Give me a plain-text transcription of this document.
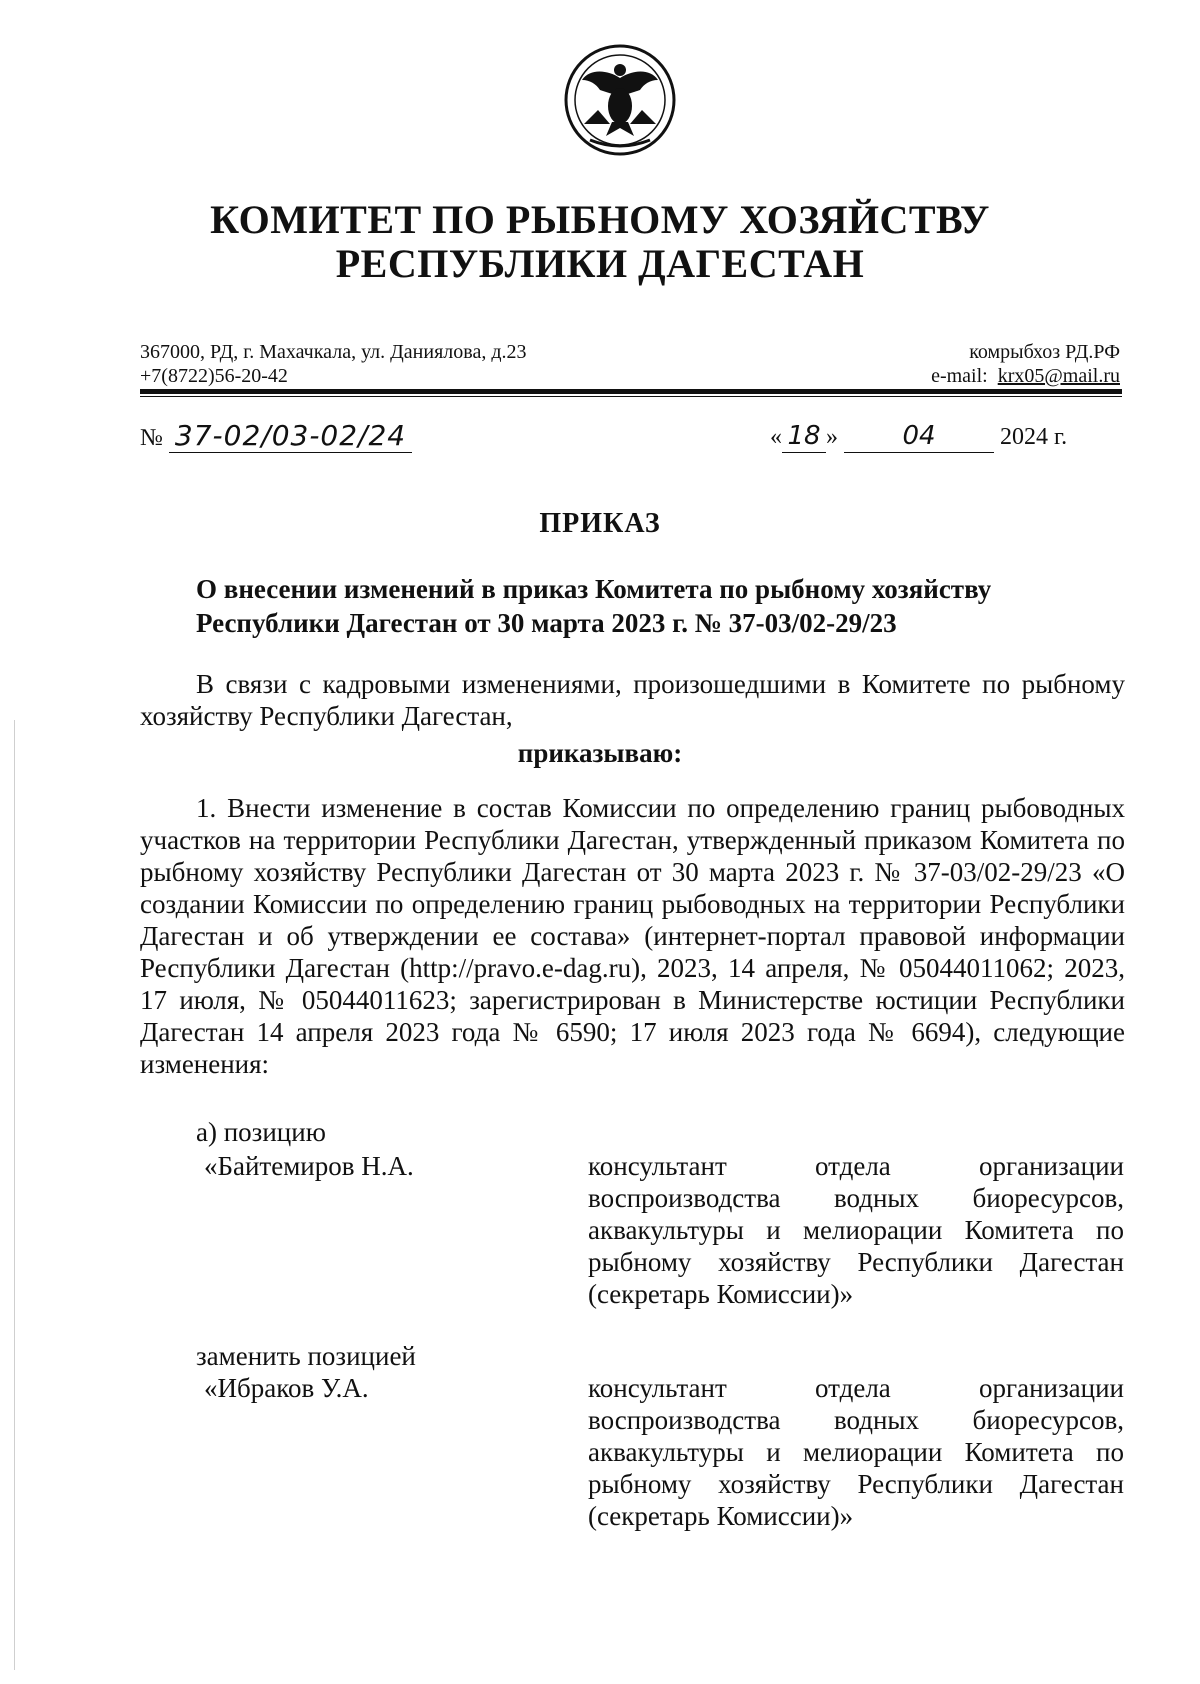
КОМИТЕТ ПО РЫБНОМУ ХОЗЯЙСТВУ
РЕСПУБЛИКИ ДАГЕСТАН
367000, РД, г. Махачкала, ул. Даниялова, д.23
+7(8722)56-20-42
комрыбхоз РД.РФ
e-mail: krx05@mail.ru
№ 37-02/03-02/24	« 18 » 04	2024 г.
ПРИКАЗ
О внесении изменений в приказ Комитета по рыбному хозяйству
Республики Дагестан от 30 марта 2023 г. № 37-03/02-29/23
В связи с кадровыми изменениями, произошедшими в Комитете по рыбному хозяйству Республики Дагестан,
приказываю:
1. Внести изменение в состав Комиссии по определению границ рыбоводных участков на территории Республики Дагестан, утвержденный приказом Комитета по рыбному хозяйству Республики Дагестан от 30 марта 2023 г. № 37-03/02-29/23 «О создании Комиссии по определению границ рыбоводных на территории Республики Дагестан и об утверждении ее состава» (интернет-портал правовой информации Республики Дагестан (http://pravo.e-dag.ru), 2023, 14 апреля, № 05044011062; 2023, 17 июля, № 05044011623; зарегистрирован в Министерстве юстиции Республики Дагестан 14 апреля 2023 года № 6590; 17 июля 2023 года № 6694), следующие изменения:
а) позицию
«Байтемиров Н.А.	консультант отдела организации воспроизводства водных биоресурсов, аквакультуры и мелиорации Комитета по рыбному хозяйству Республики Дагестан (секретарь Комиссии)»
заменить позицией
«Ибраков У.А.	консультант отдела организации воспроизводства водных биоресурсов, аквакультуры и мелиорации Комитета по рыбному хозяйству Республики Дагестан (секретарь Комиссии)»
